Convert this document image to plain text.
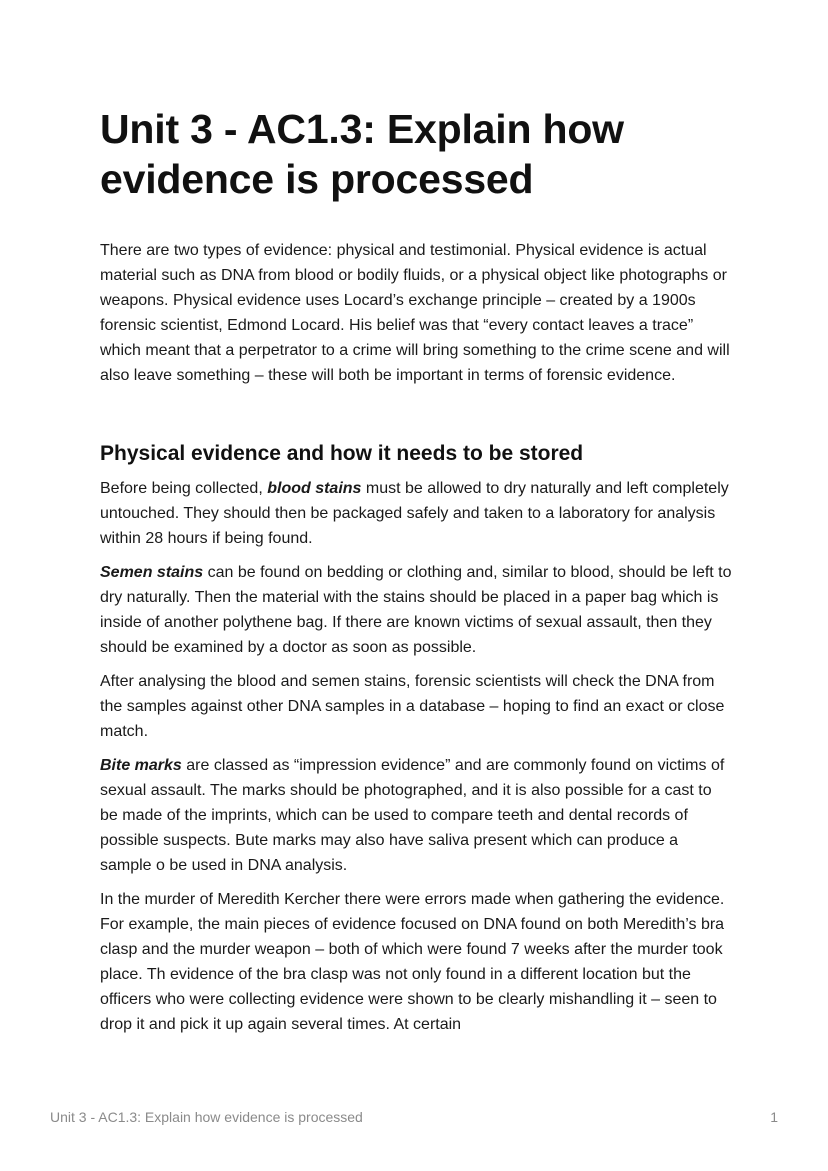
Unit 3 - AC1.3: Explain how evidence is processed

There are two types of evidence: physical and testimonial. Physical evidence is actual material such as DNA from blood or bodily fluids, or a physical object like photographs or weapons. Physical evidence uses Locard’s exchange principle – created by a 1900s forensic scientist, Edmond Locard. His belief was that “every contact leaves a trace” which meant that a perpetrator to a crime will bring something to the crime scene and will also leave something – these will both be important in terms of forensic evidence.

Physical evidence and how it needs to be stored

Before being collected, blood stains must be allowed to dry naturally and left completely untouched. They should then be packaged safely and taken to a laboratory for analysis within 28 hours if being found.

Semen stains can be found on bedding or clothing and, similar to blood, should be left to dry naturally. Then the material with the stains should be placed in a paper bag which is inside of another polythene bag. If there are known victims of sexual assault, then they should be examined by a doctor as soon as possible.

After analysing the blood and semen stains, forensic scientists will check the DNA from the samples against other DNA samples in a database – hoping to find an exact or close match.

Bite marks are classed as “impression evidence” and are commonly found on victims of sexual assault. The marks should be photographed, and it is also possible for a cast to be made of the imprints, which can be used to compare teeth and dental records of possible suspects. Bute marks may also have saliva present which can produce a sample o be used in DNA analysis.

In the murder of Meredith Kercher there were errors made when gathering the evidence. For example, the main pieces of evidence focused on DNA found on both Meredith’s bra clasp and the murder weapon – both of which were found 7 weeks after the murder took place. Th evidence of the bra clasp was not only found in a different location but the officers who were collecting evidence were shown to be clearly mishandling it – seen to drop it and pick it up again several times. At certain

Unit 3 - AC1.3: Explain how evidence is processed	1
